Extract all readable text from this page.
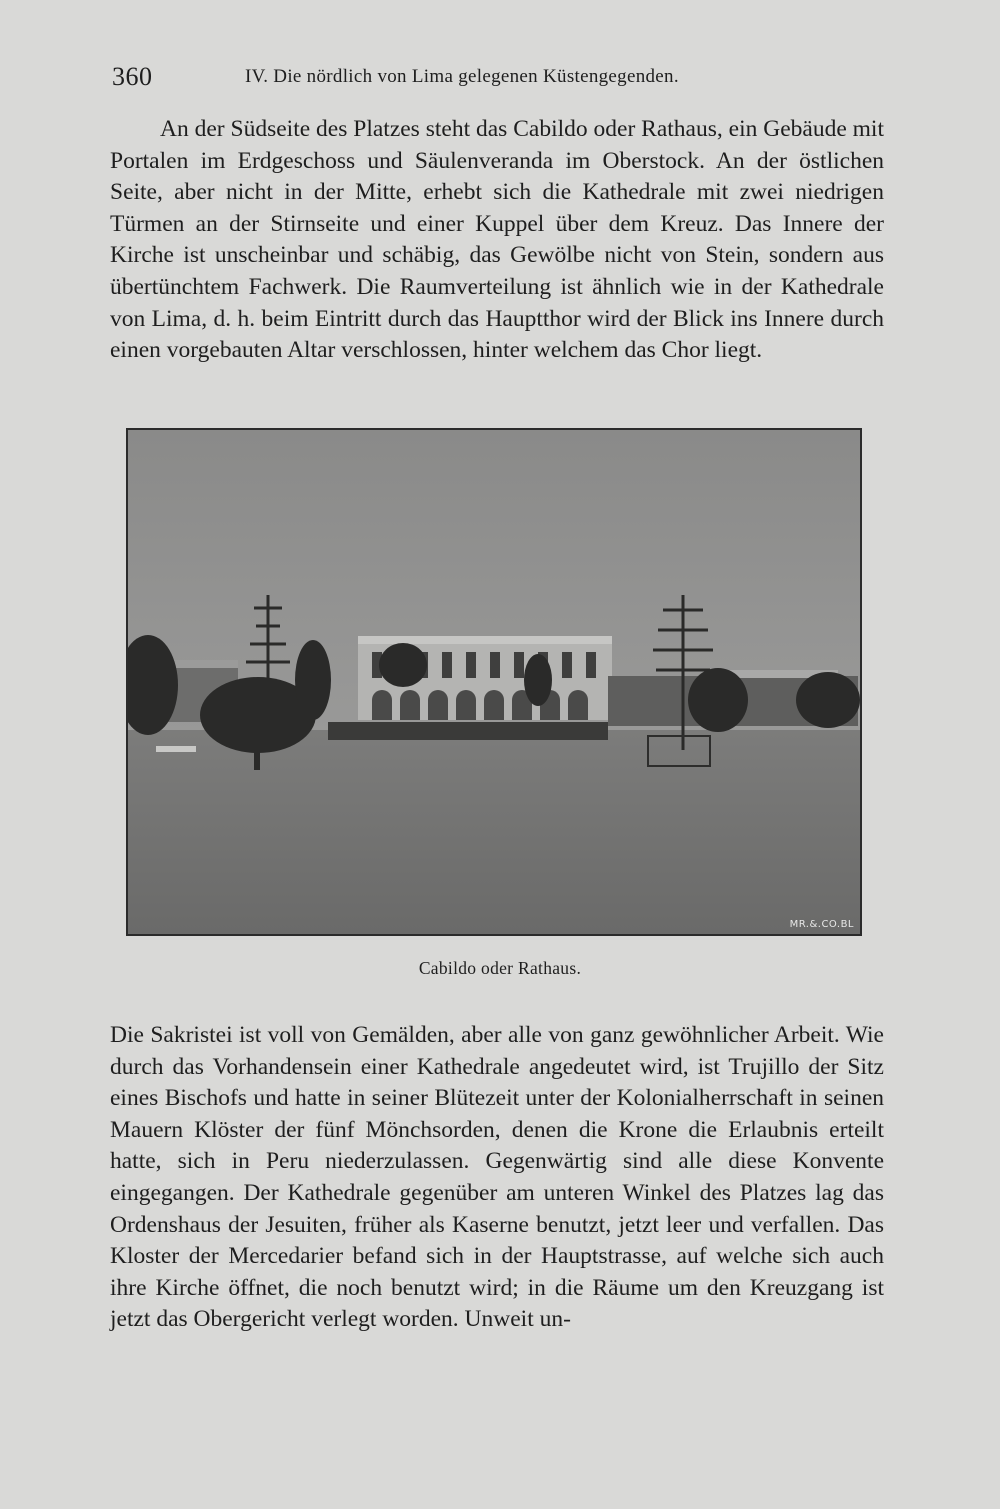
360	IV. Die nördlich von Lima gelegenen Küstengegenden.

An der Südseite des Platzes steht das Cabildo oder Rathaus, ein Gebäude mit Portalen im Erdgeschoss und Säulenveranda im Oberstock. An der östlichen Seite, aber nicht in der Mitte, erhebt sich die Kathedrale mit zwei niedrigen Türmen an der Stirnseite und einer Kuppel über dem Kreuz. Das Innere der Kirche ist unscheinbar und schäbig, das Gewölbe nicht von Stein, sondern aus übertünchtem Fachwerk. Die Raumverteilung ist ähnlich wie in der Kathedrale von Lima, d. h. beim Eintritt durch das Hauptthor wird der Blick ins Innere durch einen vorgebauten Altar verschlossen, hinter welchem das Chor liegt.

MR.&.CO.BL
Cabildo oder Rathaus.

Die Sakristei ist voll von Gemälden, aber alle von ganz gewöhnlicher Arbeit. Wie durch das Vorhandensein einer Kathedrale angedeutet wird, ist Trujillo der Sitz eines Bischofs und hatte in seiner Blütezeit unter der Kolonialherrschaft in seinen Mauern Klöster der fünf Mönchsorden, denen die Krone die Erlaubnis erteilt hatte, sich in Peru niederzulassen. Gegenwärtig sind alle diese Konvente eingegangen. Der Kathedrale gegenüber am unteren Winkel des Platzes lag das Ordenshaus der Jesuiten, früher als Kaserne benutzt, jetzt leer und verfallen. Das Kloster der Mercedarier befand sich in der Hauptstrasse, auf welche sich auch ihre Kirche öffnet, die noch benutzt wird; in die Räume um den Kreuzgang ist jetzt das Obergericht verlegt worden. Unweit un-
